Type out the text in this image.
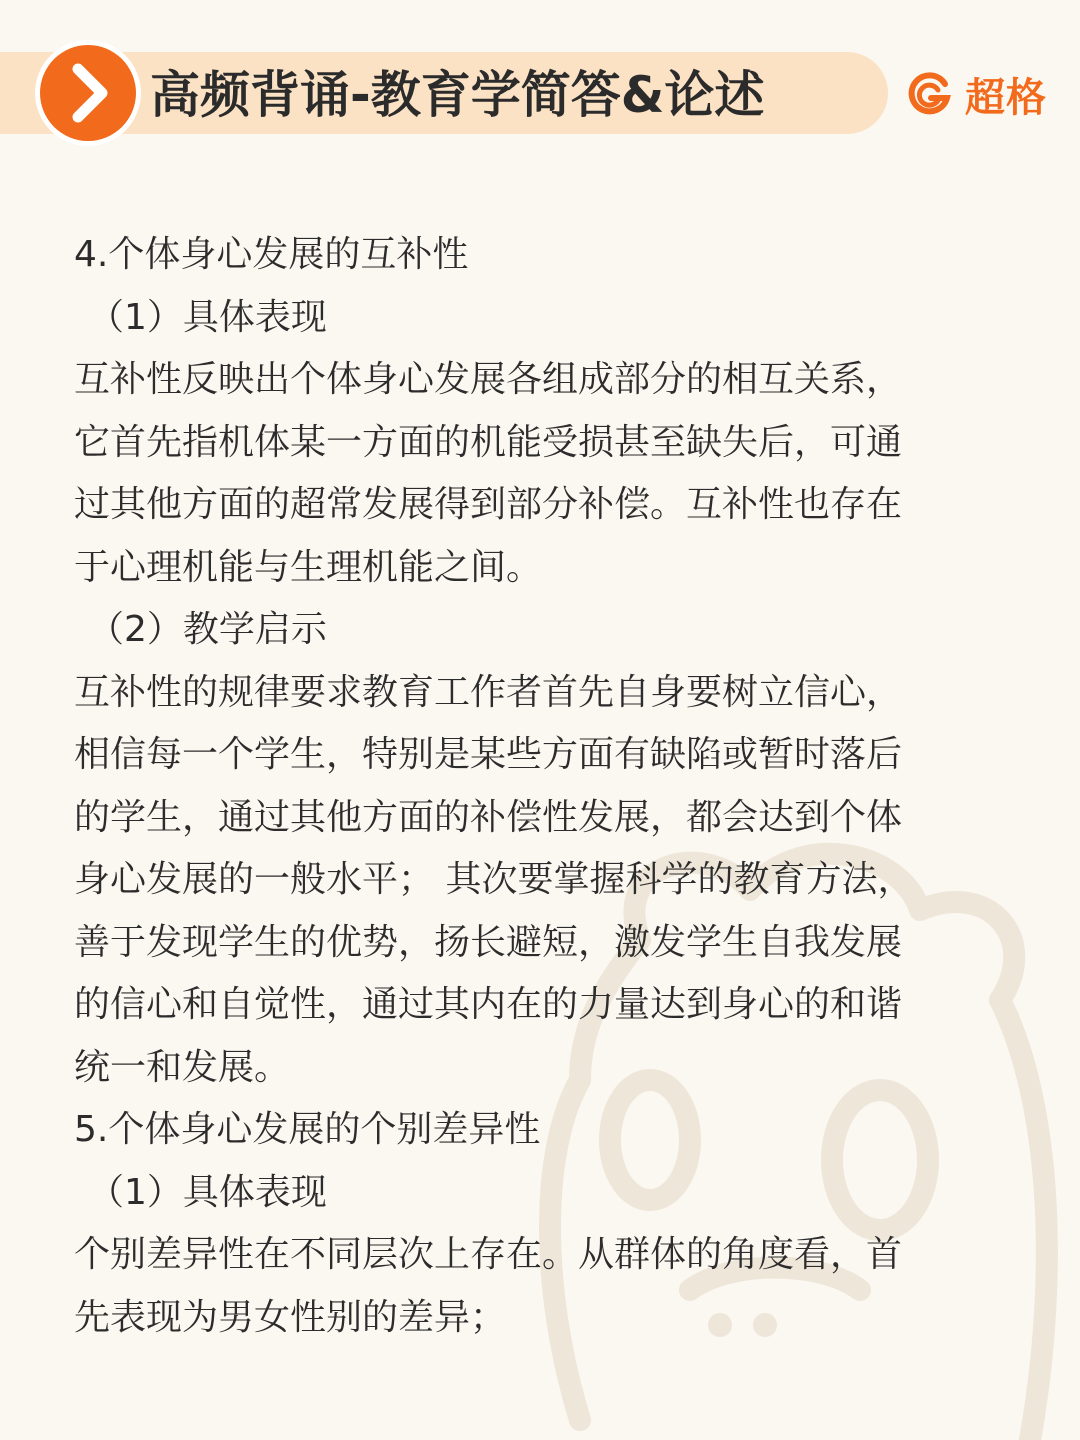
高频背诵-教育学简答&论述	超格
4.个体身心发展的互补性
（1）具体表现
互补性反映出个体身心发展各组成部分的相互关系，
它首先指机体某一方面的机能受损甚至缺失后，可通
过其他方面的超常发展得到部分补偿。互补性也存在
于心理机能与生理机能之间。
（2）教学启示
互补性的规律要求教育工作者首先自身要树立信心，
相信每一个学生，特别是某些方面有缺陷或暂时落后
的学生，通过其他方面的补偿性发展，都会达到个体
身心发展的一般水平； 其次要掌握科学的教育方法，
善于发现学生的优势，扬长避短，激发学生自我发展
的信心和自觉性，通过其内在的力量达到身心的和谐
统一和发展。
5.个体身心发展的个别差异性
（1）具体表现
个别差异性在不同层次上存在。从群体的角度看，首
先表现为男女性别的差异；
